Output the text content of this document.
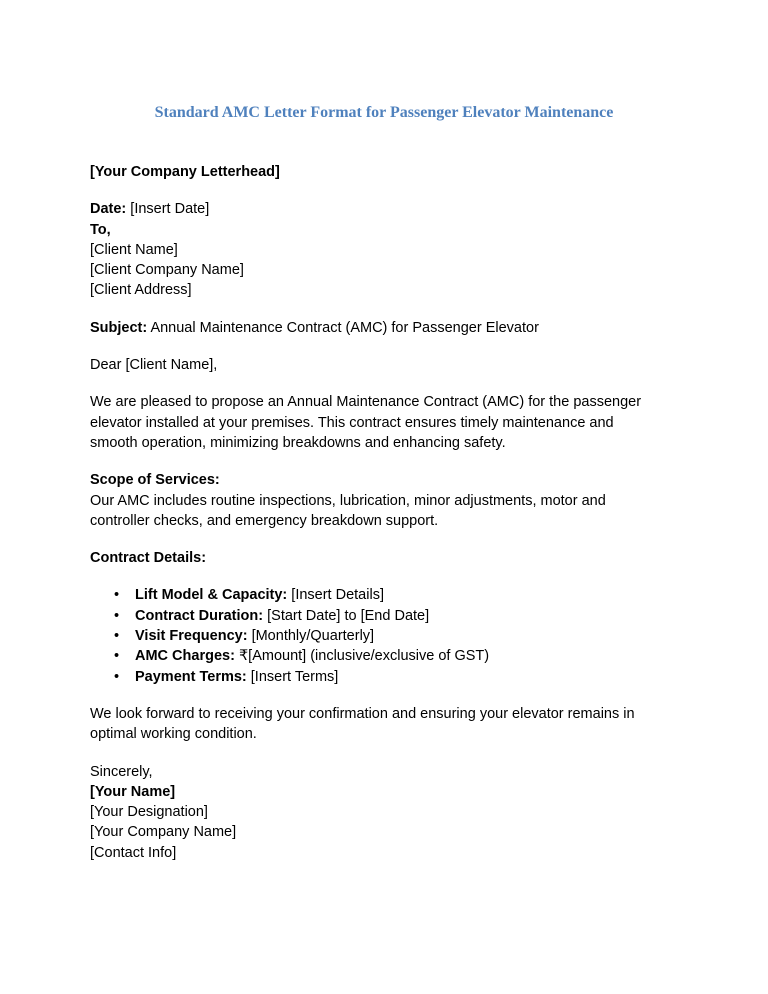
Standard AMC Letter Format for Passenger Elevator Maintenance

[Your Company Letterhead]

Date: [Insert Date]

To,

[Client Name]

[Client Company Name]

[Client Address]

Subject: Annual Maintenance Contract (AMC) for Passenger Elevator

Dear [Client Name],

We are pleased to propose an Annual Maintenance Contract (AMC) for the passenger

elevator installed at your premises. This contract ensures timely maintenance and

smooth operation, minimizing breakdowns and enhancing safety.

Scope of Services:

Our AMC includes routine inspections, lubrication, minor adjustments, motor and

controller checks, and emergency breakdown support.

Contract Details:

• Lift Model & Capacity: [Insert Details]
• Contract Duration: [Start Date] to [End Date]
• Visit Frequency: [Monthly/Quarterly]
• AMC Charges: ₹[Amount] (inclusive/exclusive of GST)
• Payment Terms: [Insert Terms]

We look forward to receiving your confirmation and ensuring your elevator remains in

optimal working condition.

Sincerely,

[Your Name]

[Your Designation]

[Your Company Name]

[Contact Info]
